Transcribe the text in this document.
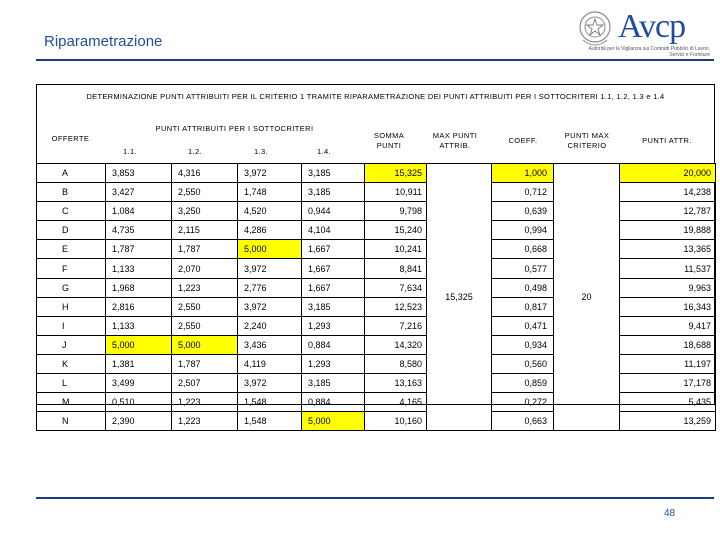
Riparametrazione	Avcp
Autorità per la Vigilanza sui Contratti Pubblici di Lavori, Servizi e Forniture
DETERMINAZIONE PUNTI ATTRIBUITI PER IL CRITERIO 1 TRAMITE RIPARAMETRAZIONE DEI PUNTI ATTRIBUITI PER I SOTTOCRITERI 1.1, 1.2, 1.3 e 1.4
OFFERTE
PUNTI ATTRIBUITI PER I SOTTOCRITERI
1.1.	1.2.	1.3.	1.4.
SOMMA PUNTI
MAX PUNTI ATTRIB.
COEFF.
PUNTI MAX CRITERIO
PUNTI ATTR.
A	3,853	4,316	3,972	3,185	15,325	15,325	1,000	20	20,000
B	3,427	2,550	1,748	3,185	10,911		0,712		14,238
C	1,084	3,250	4,520	0,944	9,798		0,639		12,787
D	4,735	2,115	4,286	4,104	15,240		0,994		19,888
E	1,787	1,787	5,000	1,667	10,241		0,668		13,365
F	1,133	2,070	3,972	1,667	8,841		0,577		11,537
G	1,968	1,223	2,776	1,667	7,634		0,498		9,963
H	2,816	2,550	3,972	3,185	12,523		0,817		16,343
I	1,133	2,550	2,240	1,293	7,216		0,471		9,417
J	5,000	5,000	3,436	0,884	14,320		0,934		18,688
K	1,381	1,787	4,119	1,293	8,580		0,560		11,197
L	3,499	2,507	3,972	3,185	13,163		0,859		17,178
M	0,510	1,223	1,548	0,884	4,165		0,272		5,435
N	2,390	1,223	1,548	5,000	10,160		0,663		13,259
48
